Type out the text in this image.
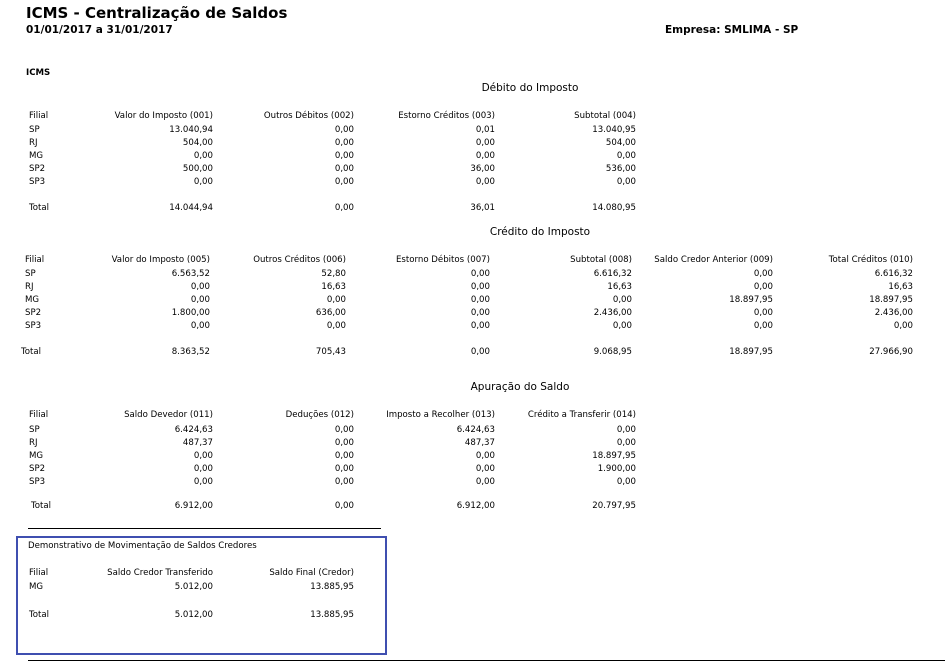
ICMS - Centralização de Saldos
01/01/2017 a 31/01/2017	Empresa: SMLIMA - SP
ICMS
Débito do Imposto
Crédito do Imposto
Apuração do Saldo
Filial	Valor do Imposto (001)	Outros Débitos (002)	Estorno Créditos (003)	Subtotal (004)
SP	13.040,94	0,00	0,01	13.040,95
RJ	504,00	0,00	0,00	504,00
MG	0,00	0,00	0,00	0,00
SP2	500,00	0,00	36,00	536,00
SP3	0,00	0,00	0,00	0,00
Total	14.044,94	0,00	36,01	14.080,95
Filial	Valor do Imposto (005)	Outros Créditos (006)	Estorno Débitos (007)	Subtotal (008)	Saldo Credor Anterior (009)	Total Créditos (010)
SP	6.563,52	52,80	0,00	6.616,32	0,00	6.616,32
RJ	0,00	16,63	0,00	16,63	0,00	16,63
MG	0,00	0,00	0,00	0,00	18.897,95	18.897,95
SP2	1.800,00	636,00	0,00	2.436,00	0,00	2.436,00
SP3	0,00	0,00	0,00	0,00	0,00	0,00
Total	8.363,52	705,43	0,00	9.068,95	18.897,95	27.966,90
Filial	Saldo Devedor (011)	Deduções (012)	Imposto a Recolher (013)	Crédito a Transferir (014)
SP	6.424,63	0,00	6.424,63	0,00
RJ	487,37	0,00	487,37	0,00
MG	0,00	0,00	0,00	18.897,95
SP2	0,00	0,00	0,00	1.900,00
SP3	0,00	0,00	0,00	0,00
Total	6.912,00	0,00	6.912,00	20.797,95
Demonstrativo de Movimentação de Saldos Credores
Filial	Saldo Credor Transferido	Saldo Final (Credor)
MG	5.012,00	13.885,95
Total	5.012,00	13.885,95
